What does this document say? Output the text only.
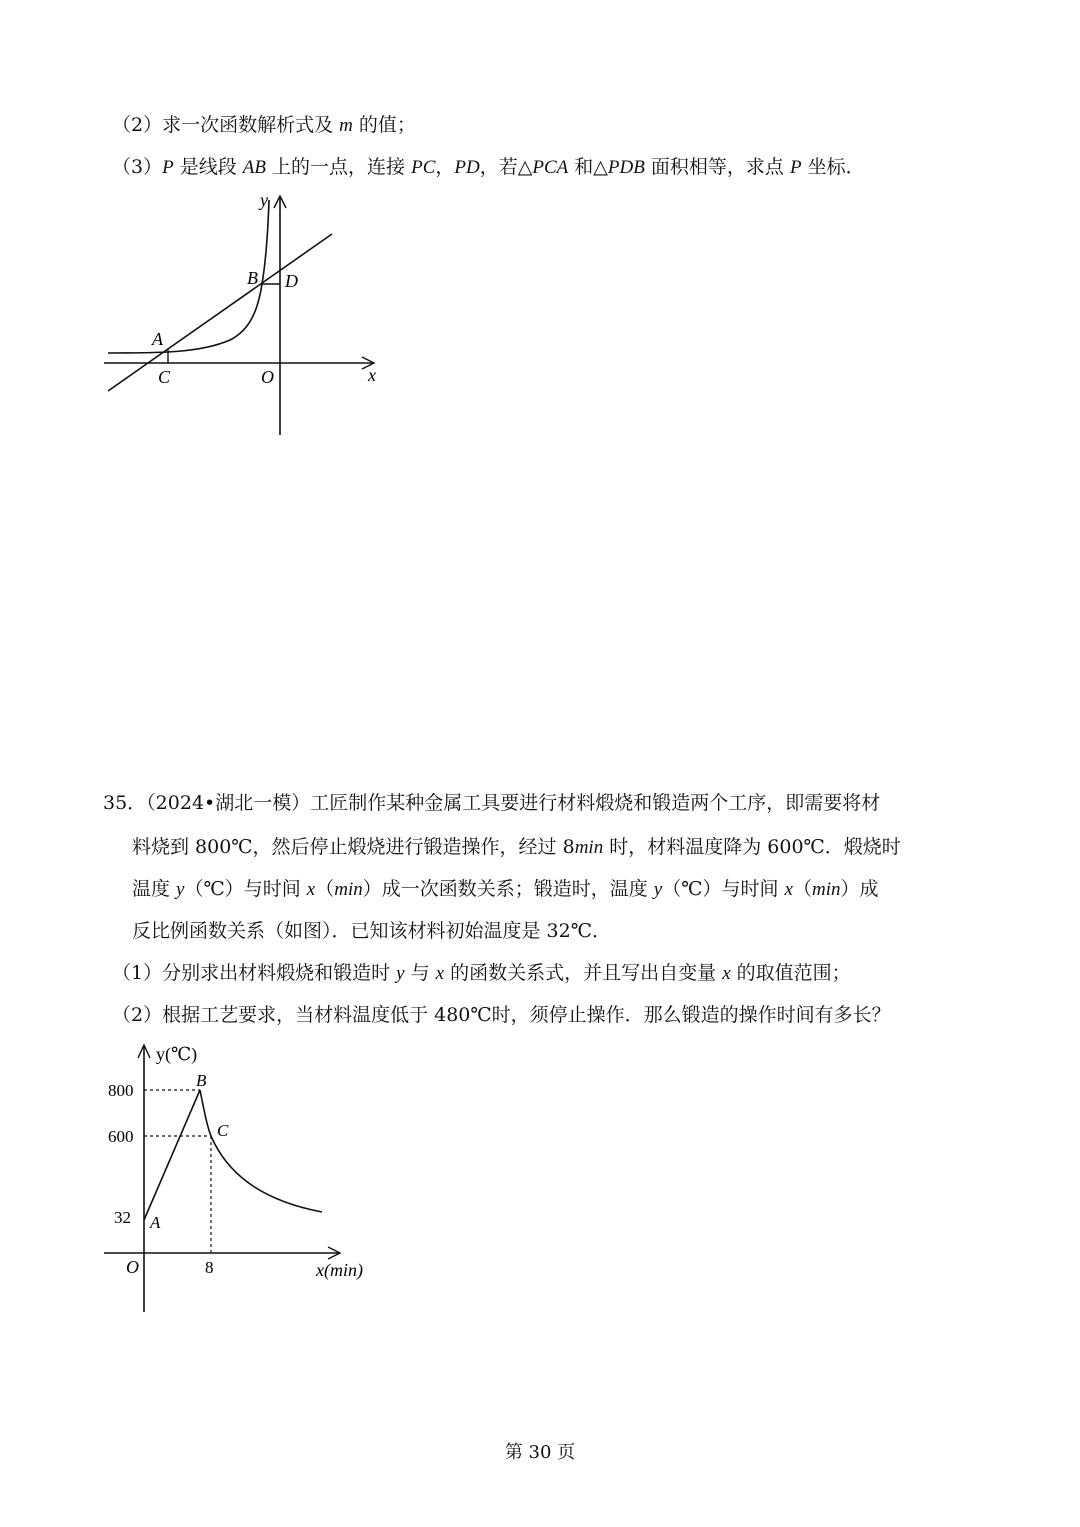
（2）求一次函数解析式及 m 的值；
（3）P 是线段 AB 上的一点，连接 PC，PD，若△PCA 和△PDB 面积相等，求点 P 坐标．
y
x
A
B
C
D
O
35．（2024•湖北一模）工匠制作某种金属工具要进行材料煅烧和锻造两个工序，即需要将材
料烧到 800℃，然后停止煅烧进行锻造操作，经过 8min 时，材料温度降为 600℃．煅烧时
温度 y（℃）与时间 x（min）成一次函数关系；锻造时，温度 y（℃）与时间 x（min）成
反比例函数关系（如图）．已知该材料初始温度是 32℃．
（1）分别求出材料煅烧和锻造时 y 与 x 的函数关系式，并且写出自变量 x 的取值范围；
（2）根据工艺要求，当材料温度低于 480℃时，须停止操作．那么锻造的操作时间有多长？
y(℃)
x(min)
O
800
600
32
8
A
B
C
第 30 页
